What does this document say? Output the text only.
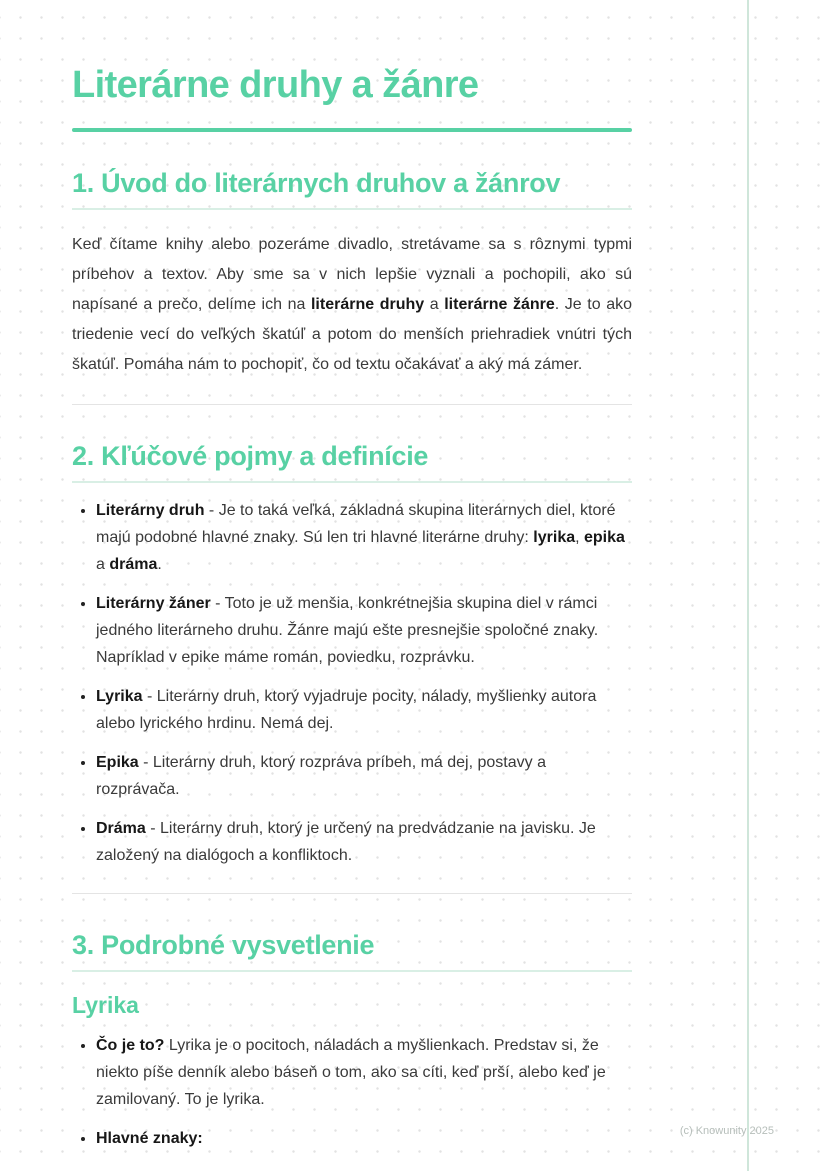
Literárne druhy a žánre
1. Úvod do literárnych druhov a žánrov

Keď čítame knihy alebo pozeráme divadlo, stretávame sa s rôznymi typmi príbehov a textov. Aby sme sa v nich lepšie vyznali a pochopili, ako sú napísané a prečo, delíme ich na literárne druhy a literárne žánre. Je to ako triedenie vecí do veľkých škatúľ a potom do menších priehradiek vnútri tých škatúľ. Pomáha nám to pochopiť, čo od textu očakávať a aký má zámer.

2. Kľúčové pojmy a definície
• Literárny druh - Je to taká veľká, základná skupina literárnych diel, ktoré majú podobné hlavné znaky. Sú len tri hlavné literárne druhy: lyrika, epika a dráma.
• Literárny žáner - Toto je už menšia, konkrétnejšia skupina diel v rámci jedného literárneho druhu. Žánre majú ešte presnejšie spoločné znaky. Napríklad v epike máme román, poviedku, rozprávku.
• Lyrika - Literárny druh, ktorý vyjadruje pocity, nálady, myšlienky autora alebo lyrického hrdinu. Nemá dej.
• Epika - Literárny druh, ktorý rozpráva príbeh, má dej, postavy a rozprávača.
• Dráma - Literárny druh, ktorý je určený na predvádzanie na javisku. Je založený na dialógoch a konfliktoch.
3. Podrobné vysvetlenie
Lyrika
• Čo je to? Lyrika je o pocitoch, náladách a myšlienkach. Predstav si, že niekto píše denník alebo báseň o tom, ako sa cíti, keď prší, alebo keď je zamilovaný. To je lyrika.
• Hlavné znaky:	(c) Knowunity 2025
